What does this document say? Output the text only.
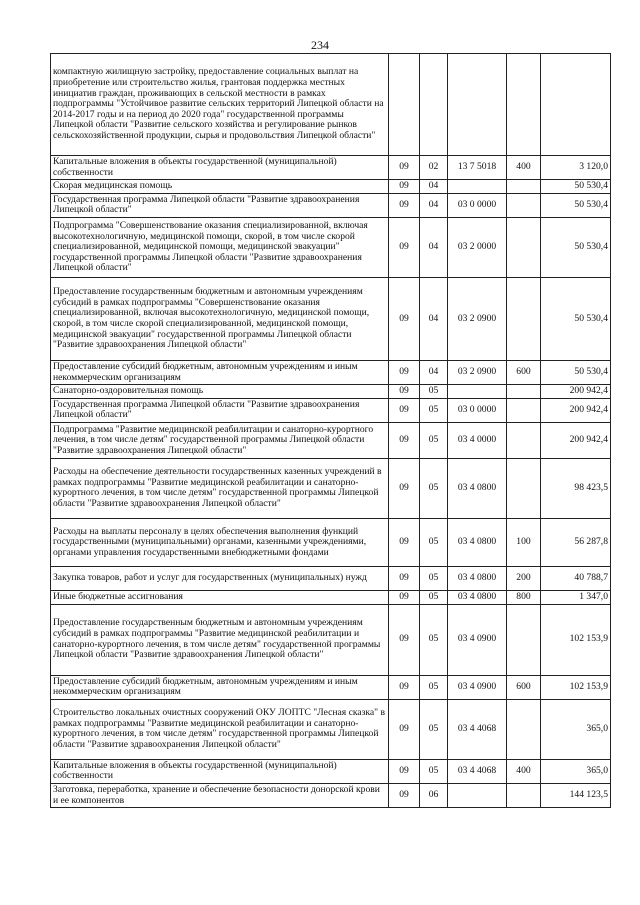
234
компактную жилищную застройку, предоставление социальных выплат на приобретение или строительство жилья, грантовая поддержка местных инициатив граждан, проживающих в сельской местности в рамках подпрограммы "Устойчивое развитие сельских территорий Липецкой области на 2014-2017 годы и на период до 2020 года" государственной программы Липецкой области "Развитие сельского хозяйства и регулирование рынков сельскохозяйственной продукции, сырья и продовольствия Липецкой области"					
Капитальные вложения в объекты государственной (муниципальной) собственности	09	02	13 7 5018	400	3 120,0
Скорая медицинская помощь	09	04			50 530,4
Государственная программа Липецкой области "Развитие здравоохранения Липецкой области"	09	04	03 0 0000		50 530,4
Подпрограмма "Совершенствование оказания специализированной, включая высокотехнологичную, медицинской помощи, скорой, в том числе скорой специализированной, медицинской помощи, медицинской эвакуации" государственной программы Липецкой области "Развитие здравоохранения Липецкой области"	09	04	03 2 0000		50 530,4
Предоставление государственным бюджетным и автономным учреждениям субсидий в рамках подпрограммы "Совершенствование оказания специализированной, включая высокотехнологичную, медицинской помощи, скорой, в том числе скорой специализированной, медицинской помощи, медицинской эвакуации" государственной программы Липецкой области "Развитие здравоохранения Липецкой области"	09	04	03 2 0900		50 530,4
Предоставление субсидий бюджетным, автономным учреждениям и иным некоммерческим организациям	09	04	03 2 0900	600	50 530,4
Санаторно-оздоровительная помощь	09	05			200 942,4
Государственная программа Липецкой области "Развитие здравоохранения Липецкой области"	09	05	03 0 0000		200 942,4
Подпрограмма "Развитие медицинской реабилитации и санаторно-курортного лечения, в том числе детям" государственной программы Липецкой области "Развитие здравоохранения Липецкой области"	09	05	03 4 0000		200 942,4
Расходы на обеспечение деятельности государственных казенных учреждений в рамках подпрограммы "Развитие медицинской реабилитации и санаторно-курортного лечения, в том числе детям" государственной программы Липецкой области "Развитие здравоохранения Липецкой области"	09	05	03 4 0800		98 423,5
Расходы на выплаты персоналу в целях обеспечения выполнения функций государственными (муниципальными) органами, казенными учреждениями, органами управления государственными внебюджетными фондами	09	05	03 4 0800	100	56 287,8
Закупка товаров, работ и услуг для государственных (муниципальных) нужд	09	05	03 4 0800	200	40 788,7
Иные бюджетные ассигнования	09	05	03 4 0800	800	1 347,0
Предоставление государственным бюджетным и автономным учреждениям субсидий в рамках подпрограммы "Развитие медицинской реабилитации и санаторно-курортного лечения, в том числе детям" государственной программы Липецкой области "Развитие здравоохранения Липецкой области"	09	05	03 4 0900		102 153,9
Предоставление субсидий бюджетным, автономным учреждениям и иным некоммерческим организациям	09	05	03 4 0900	600	102 153,9
Строительство локальных очистных сооружений ОКУ ЛОПТС "Лесная сказка" в рамках подпрограммы "Развитие медицинской реабилитации и санаторно-курортного лечения, в том числе детям" государственной программы Липецкой области "Развитие здравоохранения Липецкой области"	09	05	03 4 4068		365,0
Капитальные вложения в объекты государственной (муниципальной) собственности	09	05	03 4 4068	400	365,0
Заготовка, переработка, хранение и обеспечение безопасности донорской крови и ее компонентов	09	06			144 123,5
